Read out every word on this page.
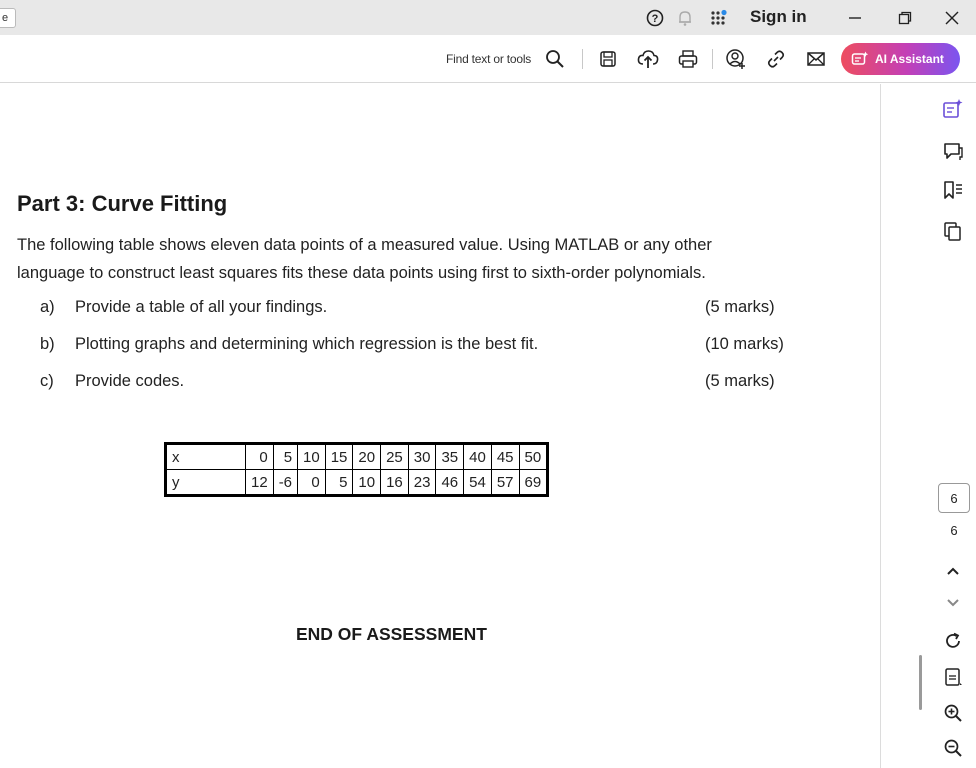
e	?	Sign in
Find text or tools	AI Assistant
Part 3: Curve Fitting
The following table shows eleven data points of a measured value. Using MATLAB or any other language to construct least squares fits these data points using first to sixth-order polynomials.
a) Provide a table of all your findings.	(5 marks)
b) Plotting graphs and determining which regression is the best fit.	(10 marks)
c) Provide codes.	(5 marks)
x	0	5	10	15	20	25	30	35	40	45	50
y	12	-6	0	5	10	16	23	46	54	57	69
END OF ASSESSMENT
6
6
